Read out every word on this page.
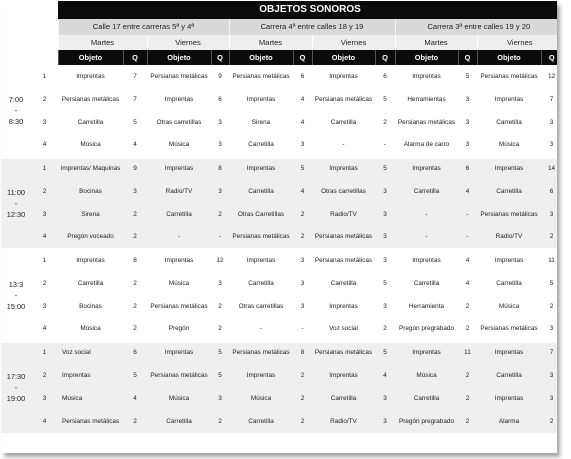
		OBJETOS SONOROS											
		Calle 17 entre carreras 5ª y 4ª				Carrera 4ª entre calles 18 y 19				Carrera 3ª entre calles 19 y 20			
		Martes		Viernes		Martes		Viernes		Martes		Viernes	
		Objeto	Q	Objeto	Q	Objeto	Q	Objeto	Q	Objeto	Q	Objeto	Q

7:00
-
8:30	1	Imprentas	7	Persianas metálicas	9	Persianas metálicas	6	Imprentas	6	Imprentas	5	Persianas metálicas	12
	2	Persianas metálicas	7	Imprentas	6	Imprentas	4	Persianas metálicas	5	Herramientas	3	Imprentas	7
	3	Carretilla	5	Otras carretillas	3	Sirena	4	Carretilla	2	Persianas metálicas	3	Carretilla	3
	4	Música	4	Música	3	Carretilla	3	-	-	Alarma de carro	3	Música	3

11:00
-
12:30	1	Imprentas/ Maquinas	9	Imprentas	8	Imprentas	5	Imprentas	5	Imprentas	6	Imprentas	14
	2	Bocinas	3	Radio/TV	3	Carretilla	4	Otras carretillas	3	Carretilla	4	Carretilla	6
	3	Sirena	2	Carretilla	2	Otras Carretillas	2	Radio/TV	3	-	-	Persianas metálicas	3
	4	Pregón voceado	2	-	-	Persianas metálicas	2	Persianas metálicas	3	-	-	Radio/TV	2

13:3
-
15:00	1	Imprentas	8	Imprentas	12	Imprentas	3	Persianas metálicas	3	Imprentas	4	Imprentas	11
	2	Carretilla	2	Música	3	Carretilla	3	Carretilla	5	Carretilla	4	Carretilla	5
	3	Bocinas	2	Persianas metálicas	2	Otras carretillas	3	Imprentas	3	Herramienta	2	Música	2
	4	Música	2	Pregón	2	-	-	Voz social	2	Pregón pregrabado	2	Persianas metálicas	3

17:30
-
19:00	1	Voz social	6	Imprentas	5	Persianas metálicas	8	Persianas metálicas	5	Imprentas	11	Imprentas	7
	2	Imprentas	5	Persianas metálicas	5	Imprentas	2	Imprentas	4	Música	2	Carretilla	3
	3	Música	4	Música	3	Música	2	Carretilla	3	Carretilla	2	Imprentas	3
	4	Persianas metálicas	2	Carretilla	2	Carretilla	2	Radio/TV	3	Pregón pregrabado	2	Alarma	2
